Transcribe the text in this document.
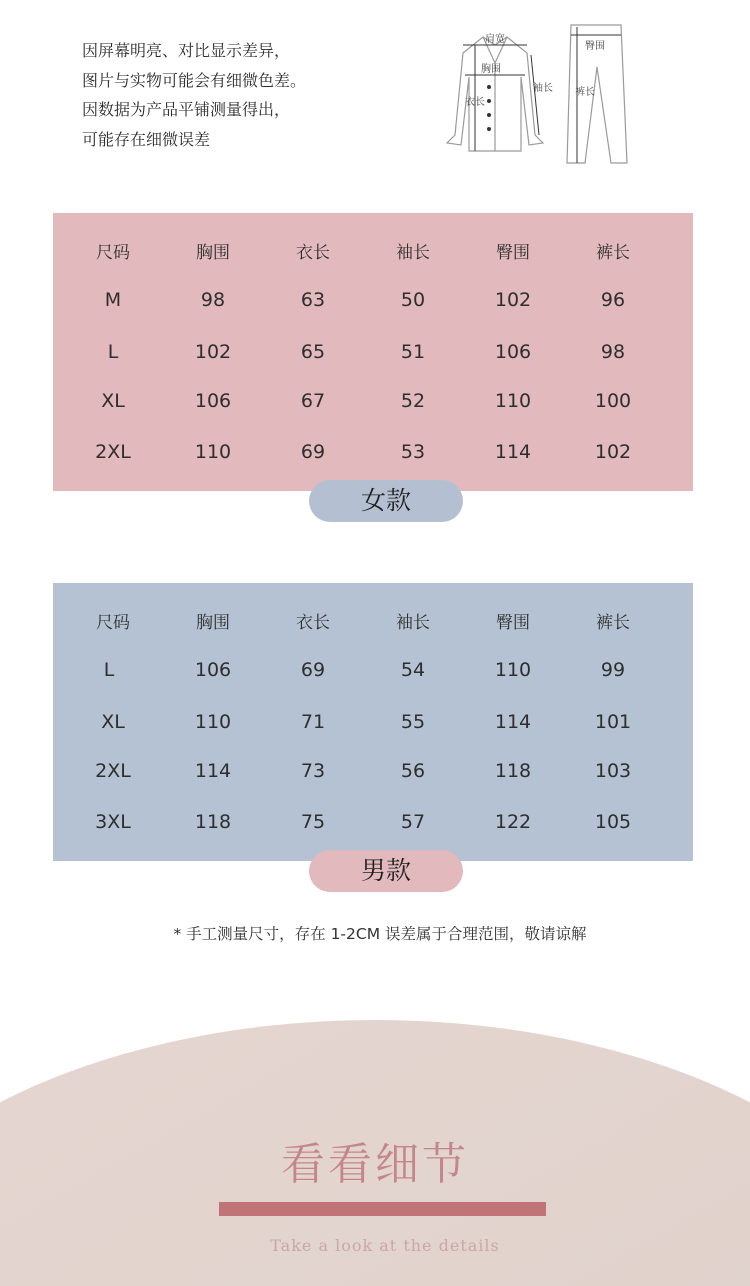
因屏幕明亮、对比显示差异，
图片与实物可能会有细微色差。
因数据为产品平铺测量得出，
可能存在细微误差
肩宽
胸围
衣长
袖长
臀围
裤长
尺码	胸围	衣长	袖长	臀围	裤长
M	98	63	50	102	96
L	102	65	51	106	98
XL	106	67	52	110	100
2XL	110	69	53	114	102
女款
尺码	胸围	衣长	袖长	臀围	裤长
L	106	69	54	110	99
XL	110	71	55	114	101
2XL	114	73	56	118	103
3XL	118	75	57	122	105
男款
* 手工测量尺寸，存在 1-2CM 误差属于合理范围，敬请谅解
看看细节
Take a look at the details
